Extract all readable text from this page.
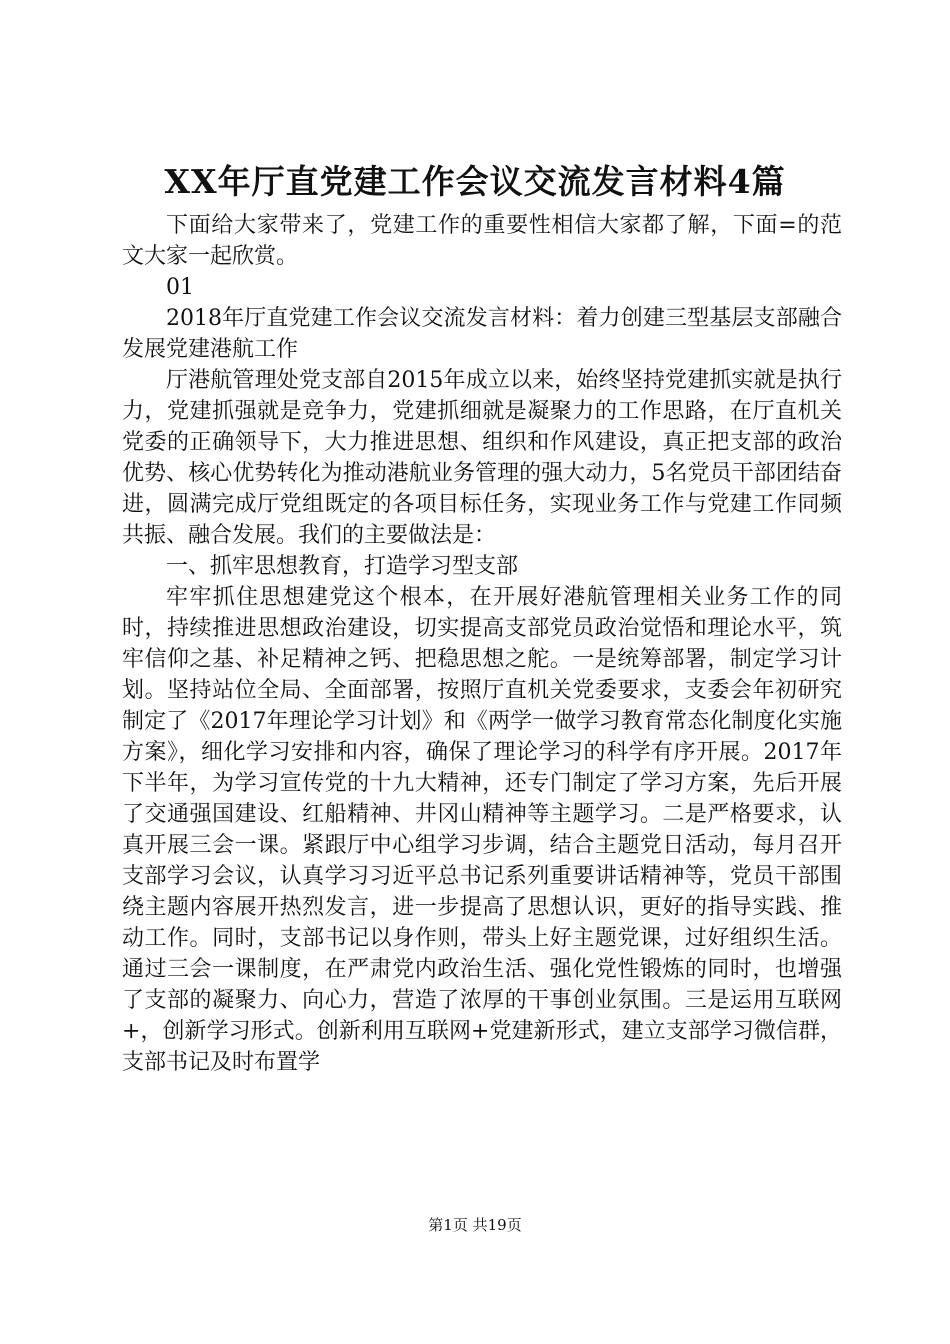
XX年厅直党建工作会议交流发言材料4篇

下面给大家带来了，党建工作的重要性相信大家都了解，下面=的范文大家一起欣赏。

01

2018年厅直党建工作会议交流发言材料：着力创建三型基层支部融合发展党建港航工作

厅港航管理处党支部自2015年成立以来，始终坚持党建抓实就是执行力，党建抓强就是竞争力，党建抓细就是凝聚力的工作思路，在厅直机关党委的正确领导下，大力推进思想、组织和作风建设，真正把支部的政治优势、核心优势转化为推动港航业务管理的强大动力，5名党员干部团结奋进，圆满完成厅党组既定的各项目标任务，实现业务工作与党建工作同频共振、融合发展。我们的主要做法是：

一、抓牢思想教育，打造学习型支部

牢牢抓住思想建党这个根本，在开展好港航管理相关业务工作的同时，持续推进思想政治建设，切实提高支部党员政治觉悟和理论水平，筑牢信仰之基、补足精神之钙、把稳思想之舵。一是统筹部署，制定学习计划。坚持站位全局、全面部署，按照厅直机关党委要求，支委会年初研究制定了《2017年理论学习计划》和《两学一做学习教育常态化制度化实施方案》，细化学习安排和内容，确保了理论学习的科学有序开展。2017年下半年，为学习宣传党的十九大精神，还专门制定了学习方案，先后开展了交通强国建设、红船精神、井冈山精神等主题学习。二是严格要求，认真开展三会一课。紧跟厅中心组学习步调，结合主题党日活动，每月召开支部学习会议，认真学习习近平总书记系列重要讲话精神等，党员干部围绕主题内容展开热烈发言，进一步提高了思想认识，更好的指导实践、推动工作。同时，支部书记以身作则，带头上好主题党课，过好组织生活。通过三会一课制度，在严肃党内政治生活、强化党性锻炼的同时，也增强了支部的凝聚力、向心力，营造了浓厚的干事创业氛围。三是运用互联网+，创新学习形式。创新利用互联网+党建新形式，建立支部学习微信群，支部书记及时布置学

第1页 共19页
